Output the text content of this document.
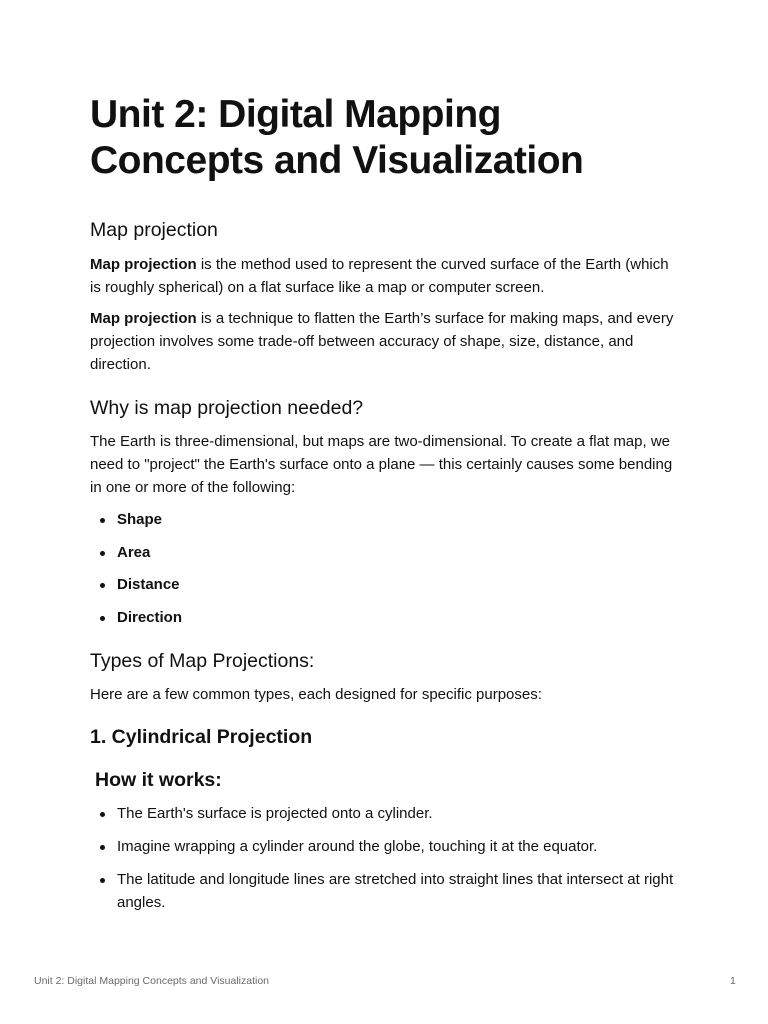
Unit 2: Digital Mapping Concepts and Visualization
Map projection

Map projection is the method used to represent the curved surface of the Earth (which is roughly spherical) on a flat surface like a map or computer screen.

Map projection is a technique to flatten the Earth’s surface for making maps, and every projection involves some trade-off between accuracy of shape, size, distance, and direction.

Why is map projection needed?

The Earth is three-dimensional, but maps are two-dimensional. To create a flat map, we need to "project" the Earth's surface onto a plane — this certainly causes some bending in one or more of the following:

Shape
Area
Distance
Direction
Types of Map Projections:

Here are a few common types, each designed for specific purposes:

1. Cylindrical Projection
How it works:
The Earth's surface is projected onto a cylinder.
Imagine wrapping a cylinder around the globe, touching it at the equator.
The latitude and longitude lines are stretched into straight lines that intersect at right angles.
Unit 2: Digital Mapping Concepts and Visualization	1
